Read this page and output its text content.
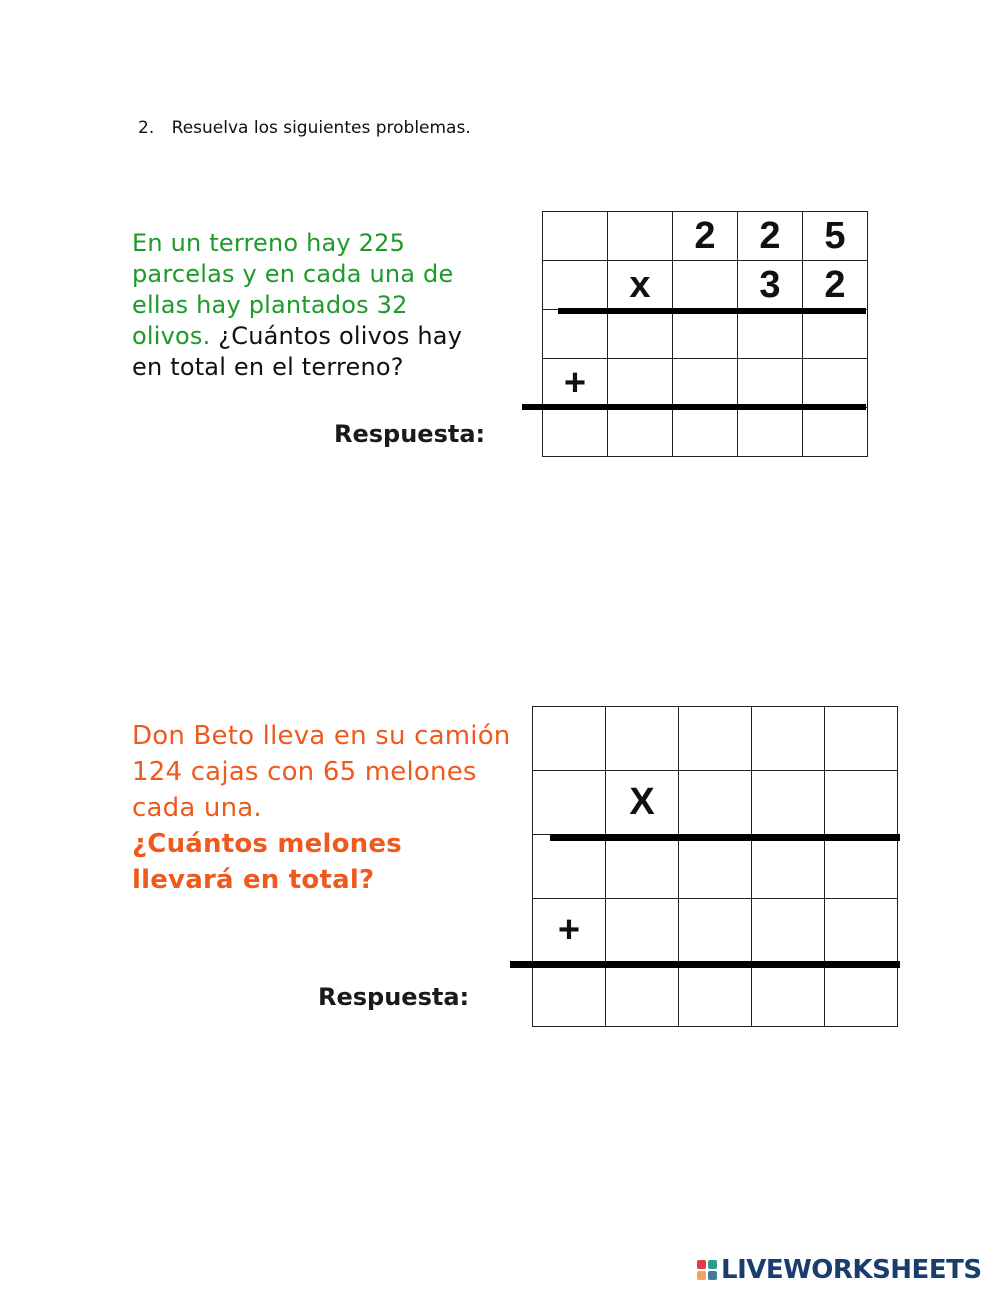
2. Resuelva los siguientes problemas.
En un terreno hay 225 parcelas y en cada una de ellas hay plantados 32 olivos. ¿Cuántos olivos hay en total en el terreno?
Respuesta:
		2	2	5
	x		3	2

+				

Don Beto lleva en su camión 124 cajas con 65 melones cada una.
¿Cuántos melones llevará en total?
Respuesta:

	X			

+				

LIVEWORKSHEETS
